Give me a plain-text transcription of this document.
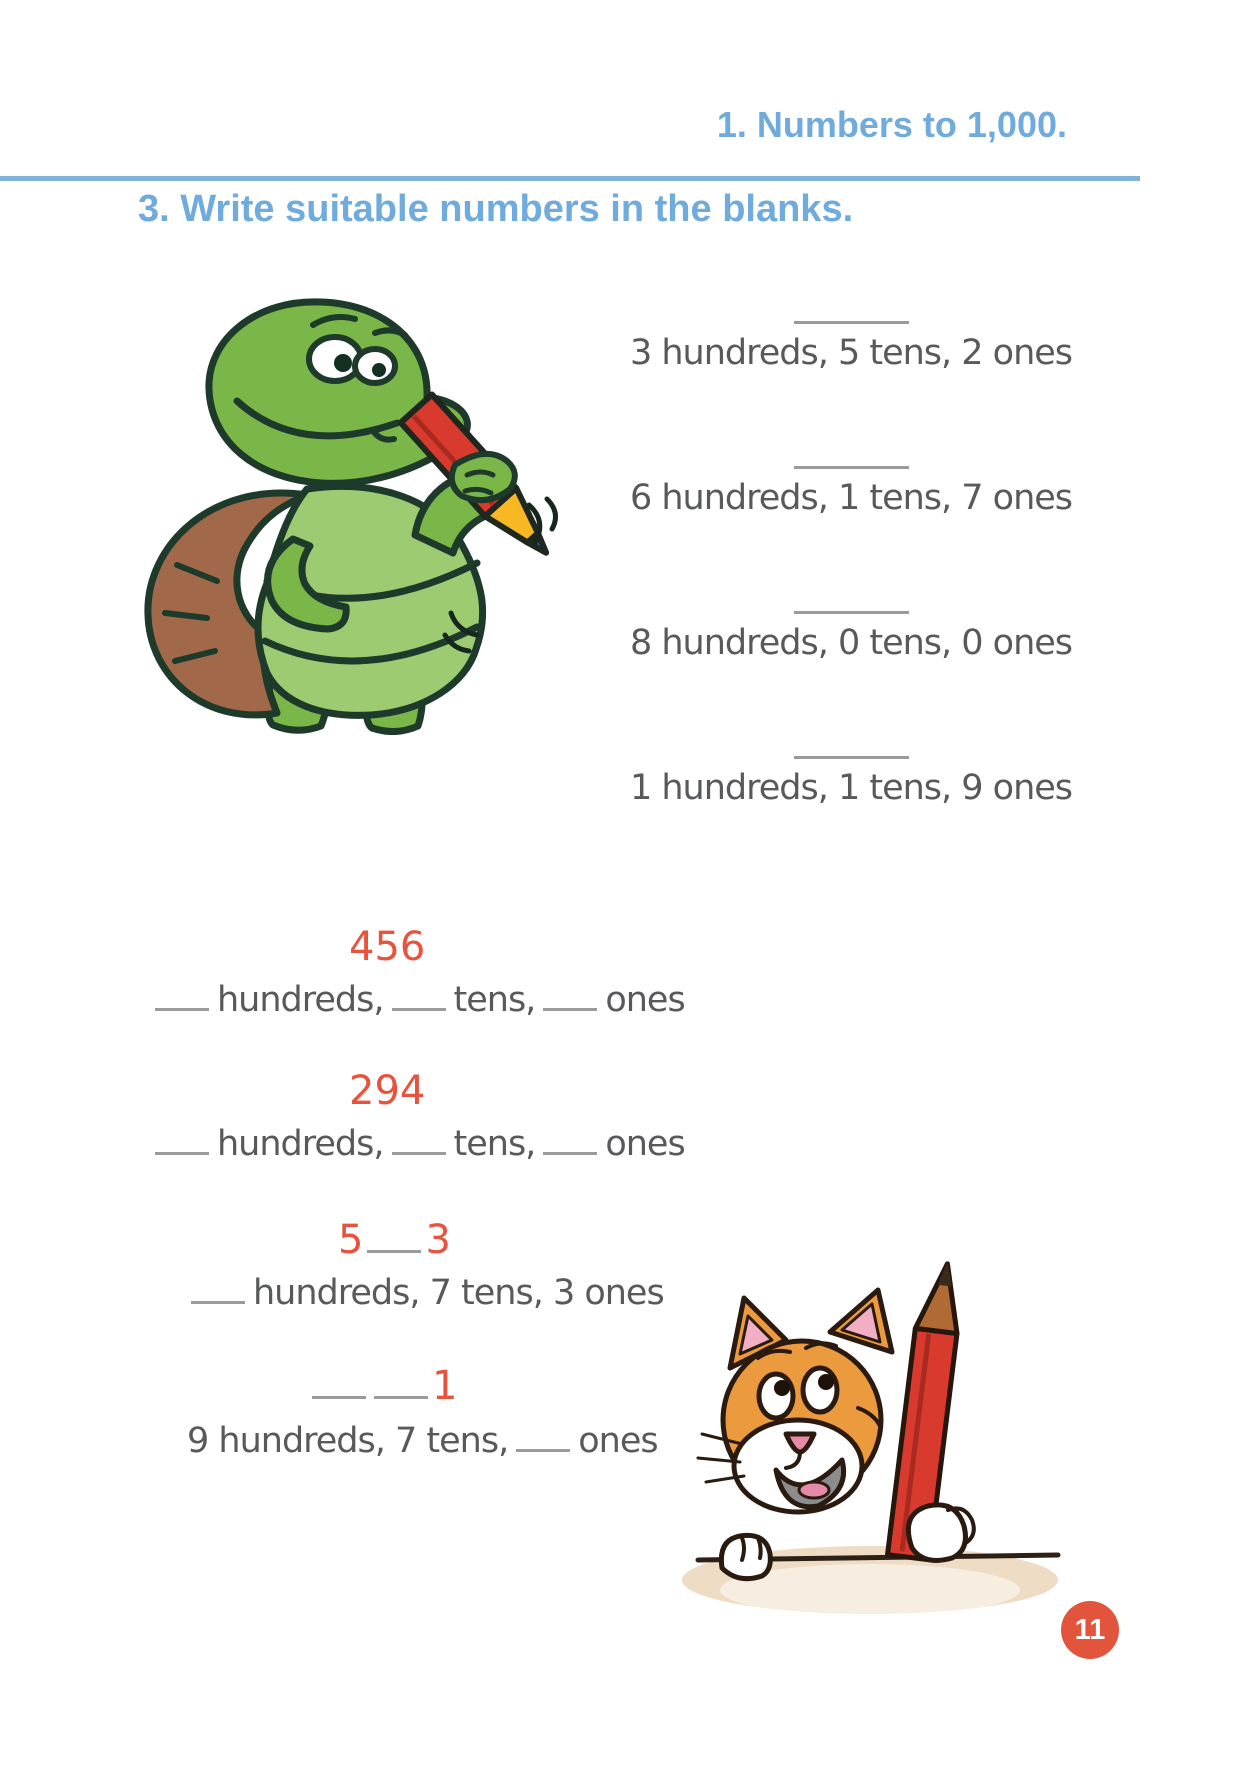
1. Numbers to 1,000.
3. Write suitable numbers in the blanks.
3 hundreds, 5 tens, 2 ones
6 hundreds, 1 tens, 7 ones
8 hundreds, 0 tens, 0 ones
1 hundreds, 1 tens, 9 ones
456
hundreds, tens, ones
294
hundreds, tens, ones
5 3
hundreds, 7 tens, 3 ones
1
9 hundreds, 7 tens, ones
11
